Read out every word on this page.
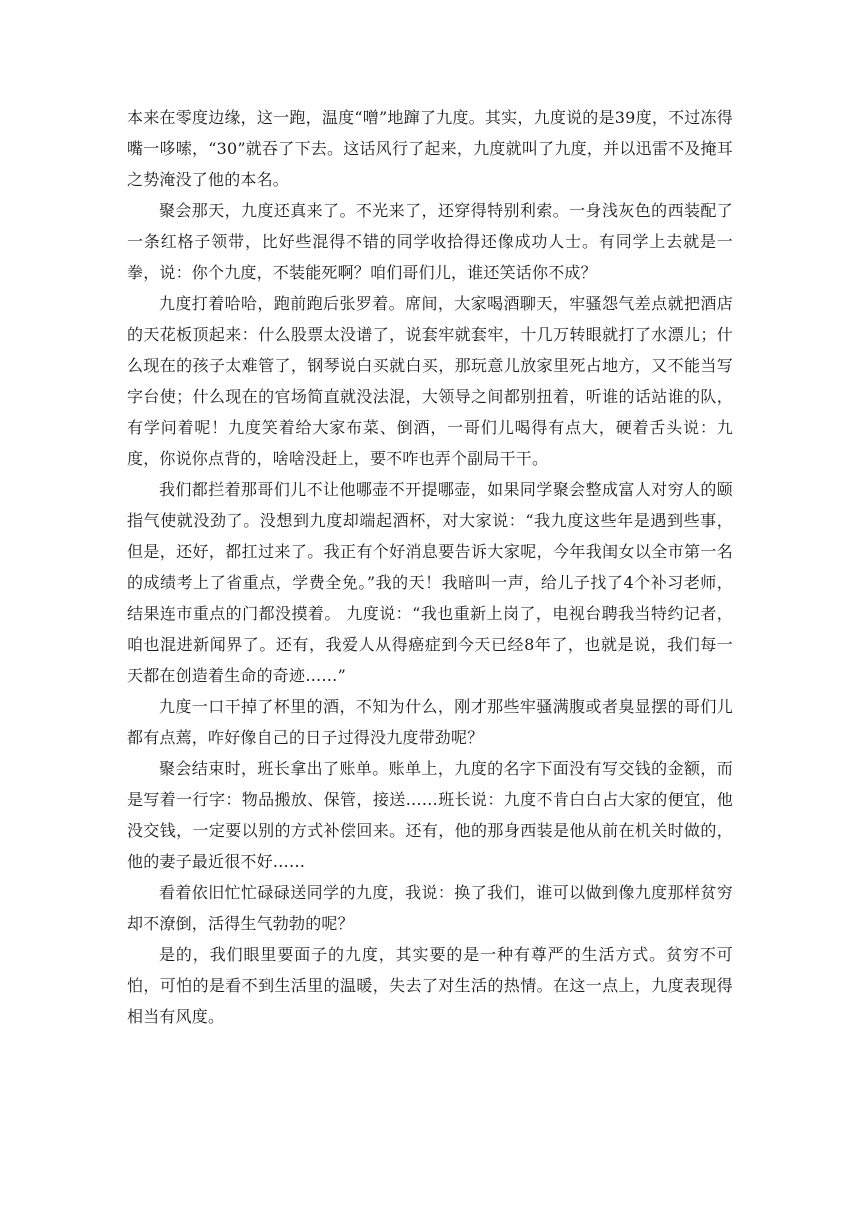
本来在零度边缘，这一跑，温度“噌”地蹿了九度。其实，九度说的是39度，不过冻得嘴一哆嗦，“30”就吞了下去。这话风行了起来，九度就叫了九度，并以迅雷不及掩耳之势淹没了他的本名。

聚会那天，九度还真来了。不光来了，还穿得特别利索。一身浅灰色的西装配了一条红格子领带，比好些混得不错的同学收拾得还像成功人士。有同学上去就是一拳，说：你个九度，不装能死啊？咱们哥们儿，谁还笑话你不成？

九度打着哈哈，跑前跑后张罗着。席间，大家喝酒聊天，牢骚怨气差点就把酒店的天花板顶起来：什么股票太没谱了，说套牢就套牢，十几万转眼就打了水漂儿；什么现在的孩子太难管了，钢琴说白买就白买，那玩意儿放家里死占地方，又不能当写字台使；什么现在的官场简直就没法混，大领导之间都别扭着，听谁的话站谁的队，有学问着呢！九度笑着给大家布菜、倒酒，一哥们儿喝得有点大，硬着舌头说：九度，你说你点背的，啥啥没赶上，要不咋也弄个副局干干。

我们都拦着那哥们儿不让他哪壶不开提哪壶，如果同学聚会整成富人对穷人的颐指气使就没劲了。没想到九度却端起酒杯，对大家说：“我九度这些年是遇到些事，但是，还好，都扛过来了。我正有个好消息要告诉大家呢，今年我闺女以全市第一名的成绩考上了省重点，学费全免。”我的天！我暗叫一声，给儿子找了4个补习老师，结果连市重点的门都没摸着。 九度说：“我也重新上岗了，电视台聘我当特约记者，咱也混进新闻界了。还有，我爱人从得癌症到今天已经8年了，也就是说，我们每一天都在创造着生命的奇迹……”

九度一口干掉了杯里的酒，不知为什么，刚才那些牢骚满腹或者臭显摆的哥们儿都有点蔫，咋好像自己的日子过得没九度带劲呢？

聚会结束时，班长拿出了账单。账单上，九度的名字下面没有写交钱的金额，而是写着一行字：物品搬放、保管，接送……班长说：九度不肯白白占大家的便宜，他没交钱，一定要以别的方式补偿回来。还有，他的那身西装是他从前在机关时做的，他的妻子最近很不好……

看着依旧忙忙碌碌送同学的九度，我说：换了我们，谁可以做到像九度那样贫穷却不潦倒，活得生气勃勃的呢？

是的，我们眼里要面子的九度，其实要的是一种有尊严的生活方式。贫穷不可怕，可怕的是看不到生活里的温暖，失去了对生活的热情。在这一点上，九度表现得相当有风度。
